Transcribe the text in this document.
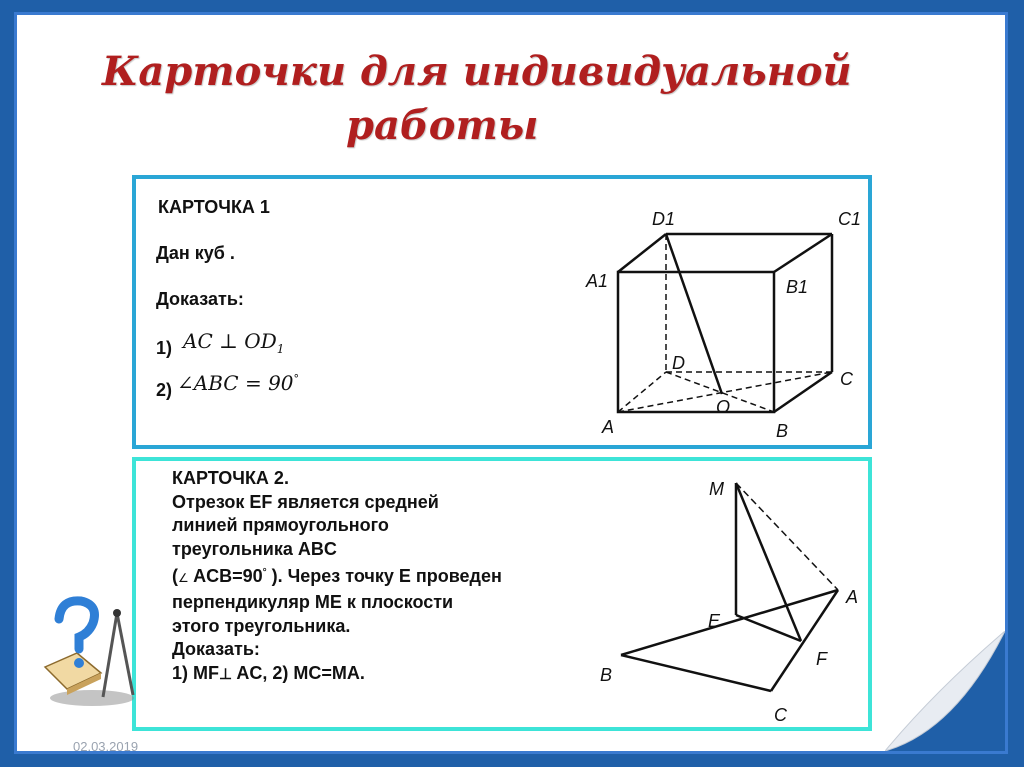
Карточки для индивидуальной
работы
КАРТОЧКА 1
Дан куб .
Доказать:
1) AC ⊥ $OD_1$
2) ∠ABC = 90°
D1	C1
A1	B1
D
C
A	B
O
КАРТОЧКА 2.
Отрезок EF является средней
линией прямоугольного
треугольника ABC
(∠ ACB=90° ). Через точку E проведен
перпендикуляр ME к плоскости
этого треугольника.
Доказать:
1) MF⊥ AC, 2) MC=MA.
M
A
E
F
B
C
02.03.2019
